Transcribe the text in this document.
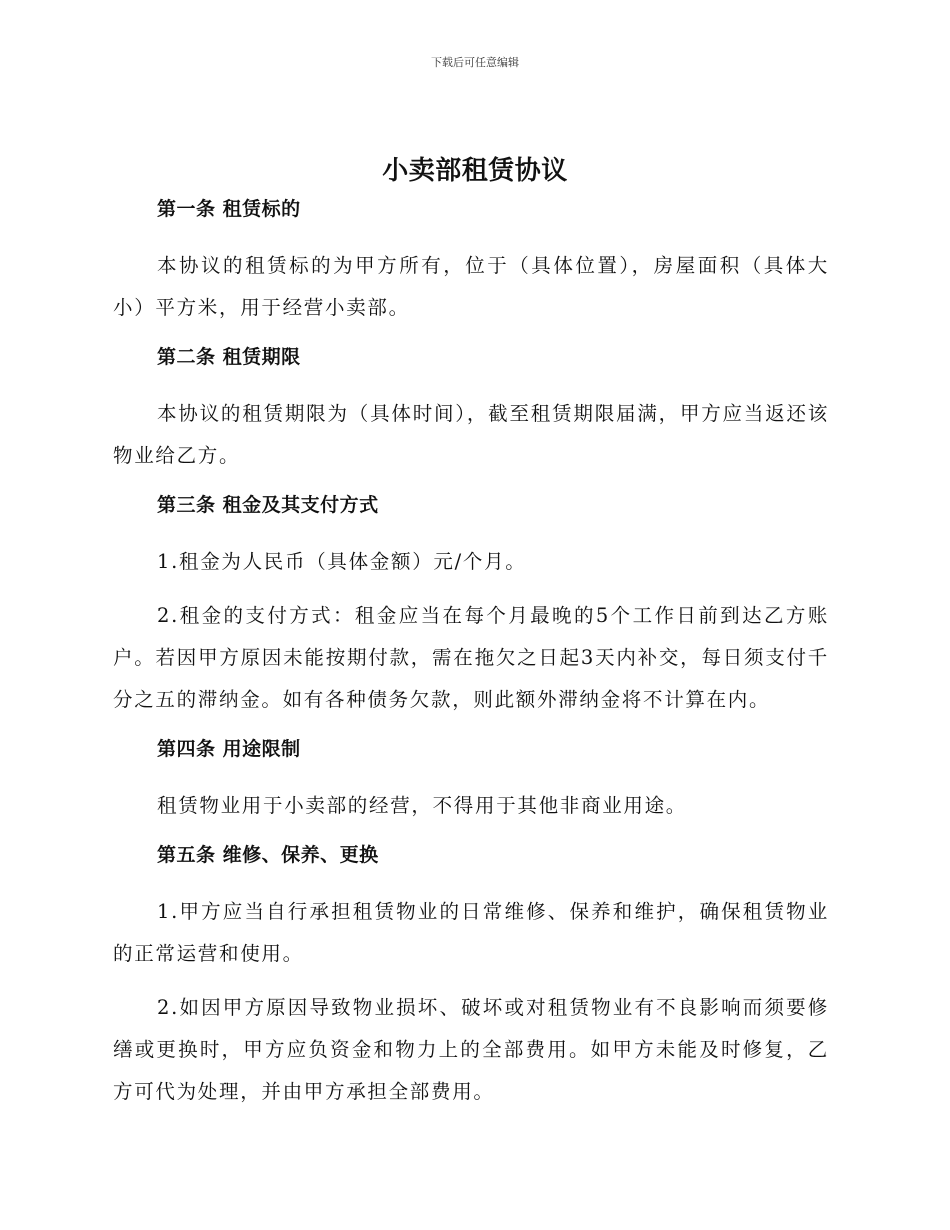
下载后可任意编辑
小卖部租赁协议
第一条 租赁标的

本协议的租赁标的为甲方所有，位于（具体位置），房屋面积（具体大小）平方米，用于经营小卖部。

第二条 租赁期限

本协议的租赁期限为（具体时间），截至租赁期限届满，甲方应当返还该物业给乙方。

第三条 租金及其支付方式

1.租金为人民币（具体金额）元/个月。

2.租金的支付方式：租金应当在每个月最晚的5个工作日前到达乙方账户。若因甲方原因未能按期付款，需在拖欠之日起3天内补交，每日须支付千分之五的滞纳金。如有各种债务欠款，则此额外滞纳金将不计算在内。

第四条 用途限制

租赁物业用于小卖部的经营，不得用于其他非商业用途。

第五条 维修、保养、更换

1.甲方应当自行承担租赁物业的日常维修、保养和维护，确保租赁物业的正常运营和使用。

2.如因甲方原因导致物业损坏、破坏或对租赁物业有不良影响而须要修缮或更换时，甲方应负资金和物力上的全部费用。如甲方未能及时修复，乙方可代为处理，并由甲方承担全部费用。
